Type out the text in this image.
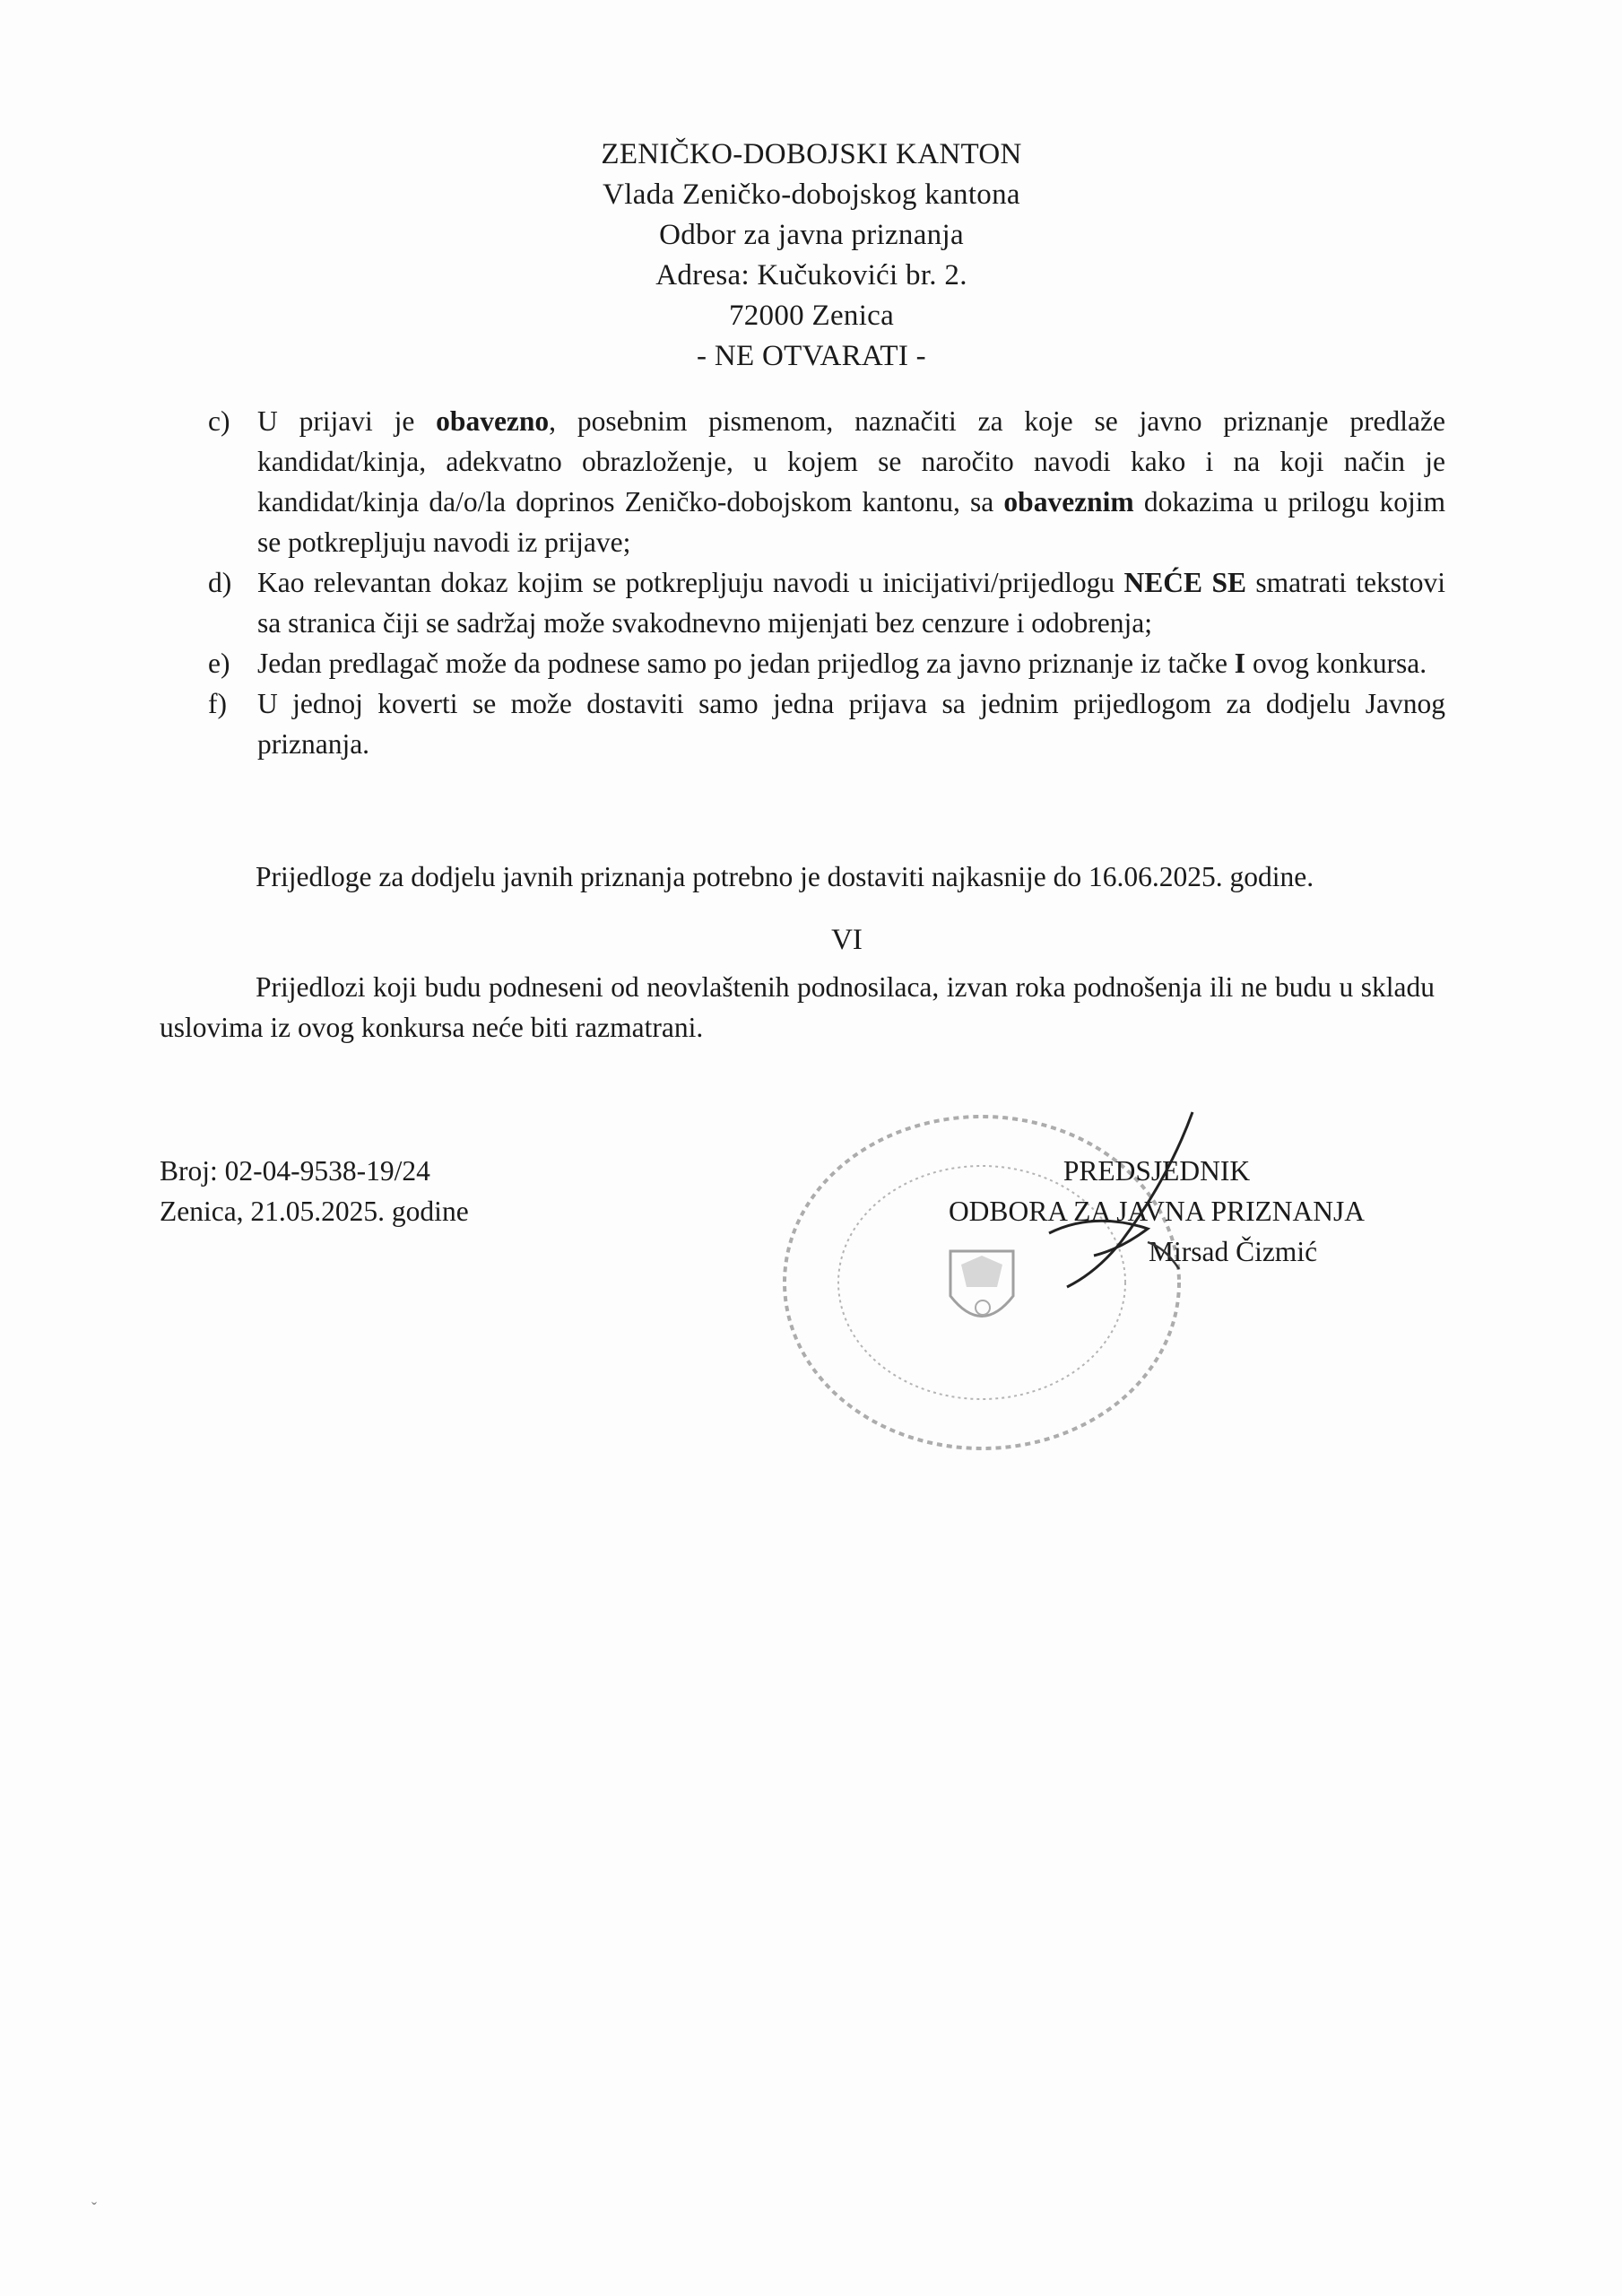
ZENIČKO-DOBOJSKI KANTON
Vlada Zeničko-dobojskog kantona
Odbor za javna priznanja
Adresa: Kučukovići br. 2.
72000 Zenica
- NE OTVARATI -
c) U prijavi je obavezno, posebnim pismenom, naznačiti za koje se javno priznanje predlaže kandidat/kinja, adekvatno obrazloženje, u kojem se naročito navodi kako i na koji način je kandidat/kinja da/o/la doprinos Zeničko-dobojskom kantonu, sa obaveznim dokazima u prilogu kojim se potkrepljuju navodi iz prijave;
d) Kao relevantan dokaz kojim se potkrepljuju navodi u inicijativi/prijedlogu NEĆE SE smatrati tekstovi sa stranica čiji se sadržaj može svakodnevno mijenjati bez cenzure i odobrenja;
e) Jedan predlagač može da podnese samo po jedan prijedlog za javno priznanje iz tačke I ovog konkursa.
f)	U jednoj koverti se može dostaviti samo jedna prijava sa jednim prijedlogom za dodjelu Javnog priznanja.
Prijedloge za dodjelu javnih priznanja potrebno je dostaviti najkasnije do 16.06.2025. godine.
VI
Prijedlozi koji budu podneseni od neovlaštenih podnosilaca, izvan roka podnošenja ili ne budu u skladu uslovima iz ovog konkursa neće biti razmatrani.
Broj: 02-04-9538-19/24
Zenica, 21.05.2025. godine
PREDSJEDNIK
ODBORA ZA JAVNA PRIZNANJA
Mirsad Čizmić
ˇ
